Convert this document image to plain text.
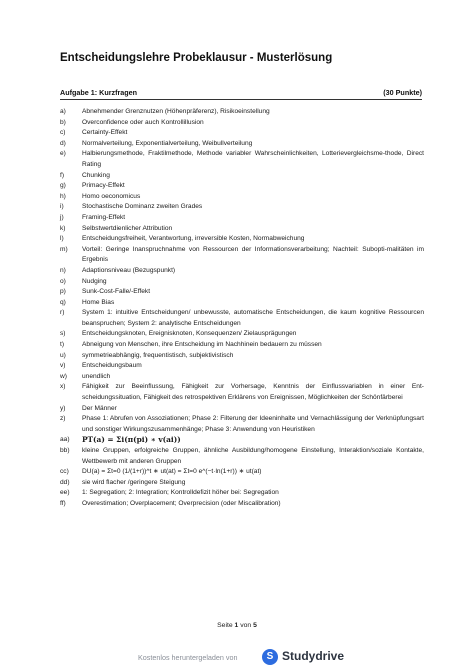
Entscheidungslehre Probeklausur - Musterlösung
Aufgabe 1: Kurzfragen	(30 Punkte)
a) Abnehmender Grenznutzen (Höhenpräferenz), Risikoeinstellung
b) Overconfidence oder auch Kontrollillusion
c)	Certainty-Effekt
d) Normalverteilung, Exponentialverteilung, Weibullverteilung
e) Halbierungsmethode, Fraktilmethode, Methode variabler Wahrscheinlichkeiten, Lotterievergleichsme-thode, Direct Rating
f)	Chunking
g) Primacy-Effekt
h) Homo oeconomicus
i)	Stochastische Dominanz zweiten Grades
j)	Framing-Effekt
k)	Selbstwertdienlicher Attribution
l)	Entscheidungsfreiheit, Verantwortung, irreversible Kosten, Normabweichung
m) Vorteil: Geringe Inanspruchnahme von Ressourcen der Informationsverarbeitung; Nachteil: Subopti-malitäten im Ergebnis
n) Adaptionsniveau (Bezugspunkt)
o) Nudging
p) Sunk-Cost-Falle/-Effekt
q) Home Bias
r)	System 1: intuitive Entscheidungen/ unbewusste, automatische Entscheidungen, die kaum kognitive Ressourcen beanspruchen; System 2: analytische Entscheidungen
s)	Entscheidungsknoten, Ereignisknoten, Konsequenzen/ Zielausprägungen
t)	Abneigung von Menschen, ihre Entscheidung im Nachhinein bedauern zu müssen
u) symmetrieabhängig, frequentistisch, subjektivistisch
v)	Entscheidungsbaum
w) unendlich
x)	Fähigkeit zur Beeinflussung, Fähigkeit zur Vorhersage, Kenntnis der Einflussvariablen in einer Ent-scheidungssituation, Fähigkeit des retrospektiven Erklärens von Ereignissen, Möglichkeiten der Schönfärberei
y)	Der Männer
z)	Phase 1: Abrufen von Assoziationen; Phase 2: Filterung der Ideeninhalte und Vernachlässigung der Verknüpfungsart und sonstiger Wirkungszusammenhänge; Phase 3: Anwendung von Heuristiken
aa) PT(a) = Σi(π(pi) ∗ v(ai))
bb) kleine Gruppen, erfolgreiche Gruppen, ähnliche Ausbildung/homogene Einstellung, Interaktion/soziale Kontakte, Wettbewerb mit anderen Gruppen
cc) DU(a) = Σt=0 (1/(1+r))^t ∗ ut(at) = Σt=0 e^(−t·ln(1+r)) ∗ ut(at)
dd) sie wird flacher /geringere Steigung
ee) 1: Segregation; 2: Integration; Kontrolldefizit höher bei: Segregation
ff) Overestimation; Overplacement; Overprecision (oder Miscalibration)
Seite 1 von 5
Kostenlos heruntergeladen von	S Studydrive
